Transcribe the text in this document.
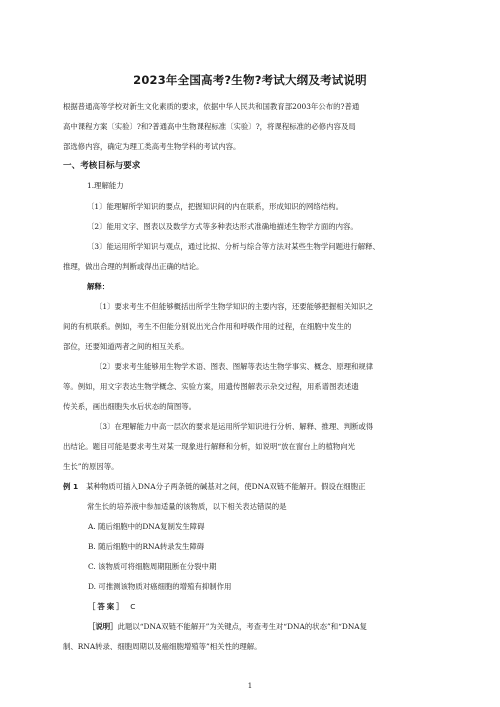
2023年全国高考?生物?考试大纲及考试说明
根据普通高等学校对新生文化素质的要求，依据中华人民共和国教育部2003年公布的?普通
高中课程方案〔实验〕?和?普通高中生物课程标准〔实验〕?，将课程标准的必修内容及局
部选修内容，确定为理工类高考生物学科的考试内容。
一、考核目标与要求
1.理解能力
〔1〕能理解所学知识的要点，把握知识间的内在联系，形成知识的网络结构。
〔2〕能用文字、图表以及数学方式等多种表达形式准确地描述生物学方面的内容。
〔3〕能运用所学知识与观点，通过比拟、分析与综合等方法对某些生物学问题进行解释、
推理，做出合理的判断或得出正确的结论。
解释：
〔1〕要求考生不但能够概括出所学生物学知识的主要内容，还要能够把握相关知识之
间的有机联系。例如，考生不但能分别说出光合作用和呼吸作用的过程，在细胞中发生的
部位，还要知道两者之间的相互关系。
〔2〕要求考生能够用生物学术语、图表、图解等表达生物学事实、概念、原理和规律
等。例如，用文字表达生物学概念、实验方案，用遗传图解表示杂交过程，用系谱图表述遗
传关系，画出细胞失水后状态的简图等。
〔3〕在理解能力中高一层次的要求是运用所学知识进行分析、解释、推理、判断或得
出结论。题目可能是要求考生对某一现象进行解释和分析，如说明“放在窗台上的植物向光
生长”的原因等。
例 1 某种物质可插入DNA分子两条链的碱基对之间，使DNA双链不能解开。假设在细胞正
常生长的培养液中参加适量的该物质，以下相关表达错误的是
A. 随后细胞中的DNA复制发生障碍
B. 随后细胞中的RNA转录发生障碍
C. 该物质可将细胞周期阻断在分裂中期
D. 可推测该物质对癌细胞的增殖有抑制作用
［答案］ C
［说明］此题以“DNA双链不能解开”为关键点，考查考生对“DNA的状态”和“DNA复
制、RNA转录、细胞周期以及癌细胞增殖等”相关性的理解。
1
